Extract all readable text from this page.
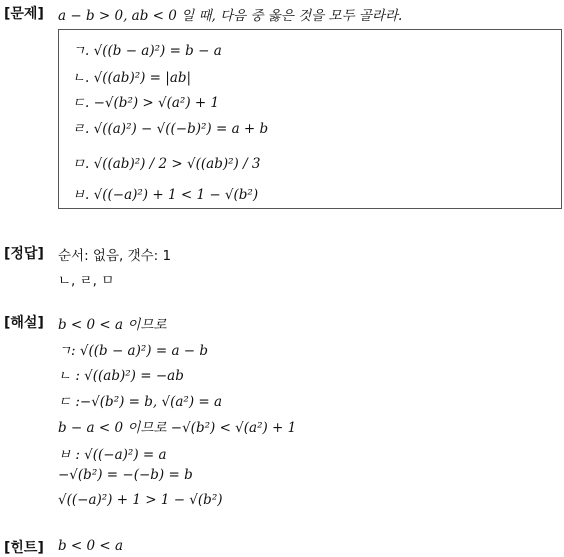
[문제] a − b > 0, ab < 0 일 때, 다음 중 옳은 것을 모두 골라라.
ㄱ. √((b − a)²) = b − a
ㄴ. √((ab)²) = |ab|
ㄷ. −√(b²) > √(a²) + 1
ㄹ. √((a)²) − √((−b)²) = a + b
ㅁ. √((ab)²) / 2 > √((ab)²) / 3
ㅂ. √((−a)²) + 1 < 1 − √(b²)
[정답] 순서: 없음, 갯수: 1
ㄴ, ㄹ, ㅁ
[해설] b < 0 < a 이므로
ㄱ: √((b − a)²) = a − b
ㄴ : √((ab)²) = −ab
ㄷ :−√(b²) = b, √(a²) = a
b − a < 0 이므로 −√(b²) < √(a²) + 1
ㅂ : √((−a)²) = a
−√(b²) = −(−b) = b
√((−a)²) + 1 > 1 − √(b²)
[힌트] b < 0 < a
